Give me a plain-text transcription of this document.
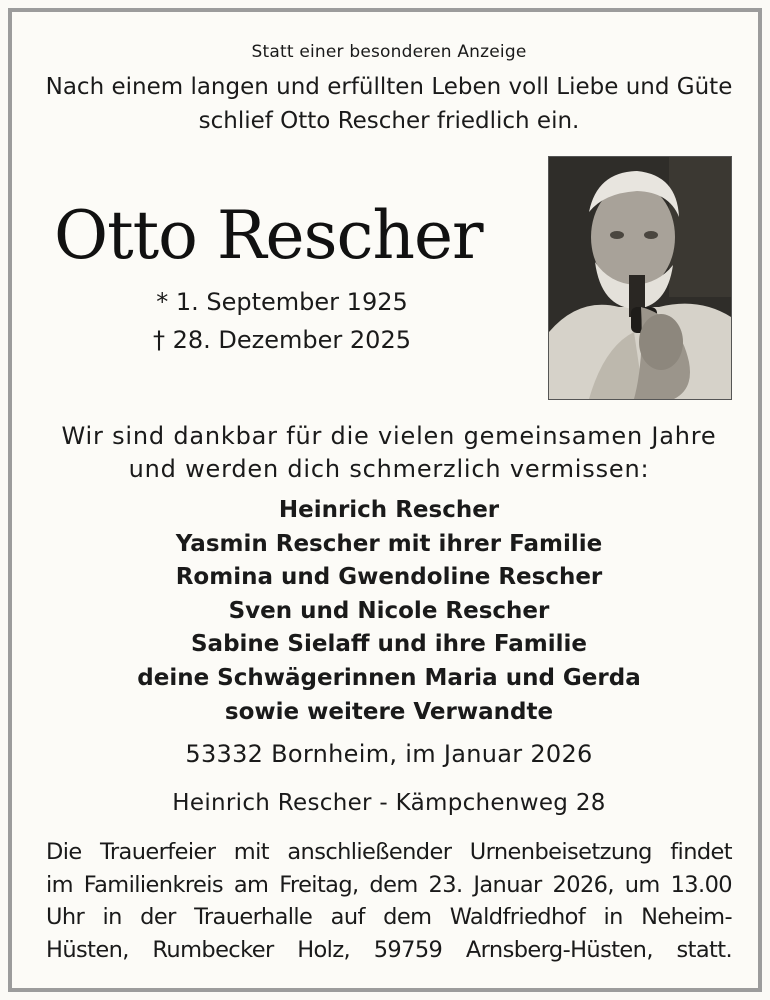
Statt einer besonderen Anzeige
Nach einem langen und erfüllten Leben voll Liebe und Güte
schlief Otto Rescher friedlich ein.
Otto Rescher
* 1. September 1925
† 28. Dezember 2025
Wir sind dankbar für die vielen gemeinsamen Jahre
und werden dich schmerzlich vermissen:
Heinrich Rescher
Yasmin Rescher mit ihrer Familie
Romina und Gwendoline Rescher
Sven und Nicole Rescher
Sabine Sielaff und ihre Familie
deine Schwägerinnen Maria und Gerda
sowie weitere Verwandte
53332 Bornheim, im Januar 2026
Heinrich Rescher - Kämpchenweg 28
Die Trauerfeier mit anschließender Urnenbeisetzung findet
im Familienkreis am Freitag, dem 23. Januar 2026, um 13.00
Uhr in der Trauerhalle auf dem Waldfriedhof in Neheim-
Hüsten, Rumbecker Holz, 59759 Arnsberg-Hüsten, statt.
